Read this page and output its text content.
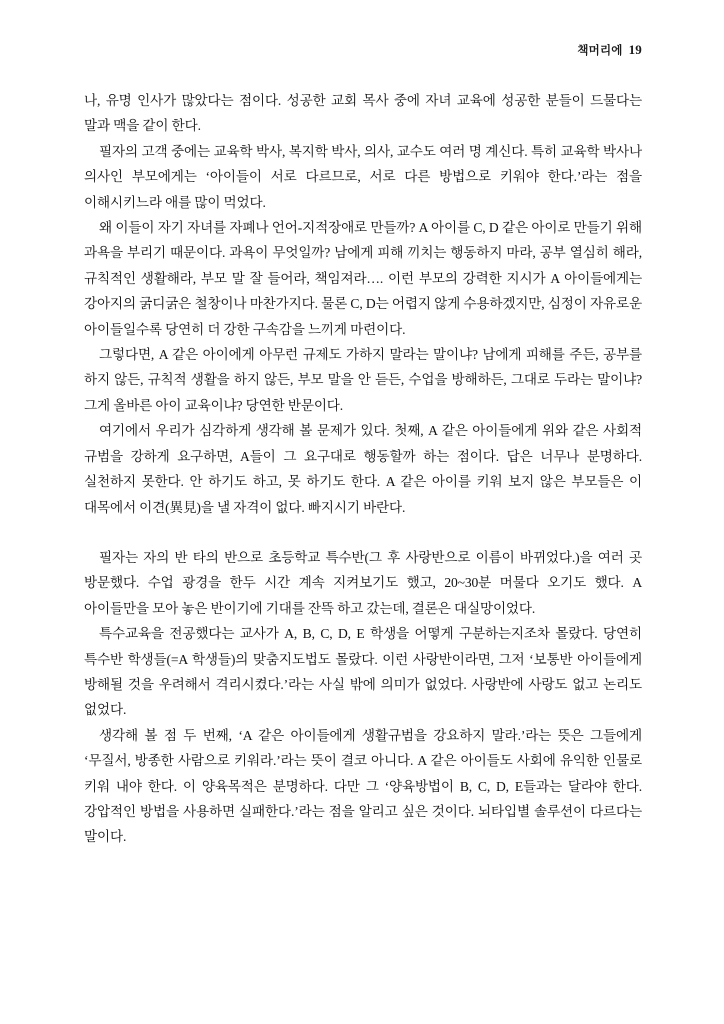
책머리에 19

나, 유명 인사가 많았다는 점이다. 성공한 교회 목사 중에 자녀 교육에 성공한 분들이 드물다는 말과 맥을 같이 한다.

필자의 고객 중에는 교육학 박사, 복지학 박사, 의사, 교수도 여러 명 계신다. 특히 교육학 박사나 의사인 부모에게는 ‘아이들이 서로 다르므로, 서로 다른 방법으로 키워야 한다.’라는 점을 이해시키느라 애를 많이 먹었다.

왜 이들이 자기 자녀를 자폐나 언어-지적장애로 만들까? A 아이를 C, D 같은 아이로 만들기 위해 과욕을 부리기 때문이다. 과욕이 무엇일까? 남에게 피해 끼치는 행동하지 마라, 공부 열심히 해라, 규칙적인 생활해라, 부모 말 잘 들어라, 책임져라…. 이런 부모의 강력한 지시가 A 아이들에게는 강아지의 굵디굵은 철창이나 마찬가지다. 물론 C, D는 어렵지 않게 수용하겠지만, 심정이 자유로운 아이들일수록 당연히 더 강한 구속감을 느끼게 마련이다.

그렇다면, A 같은 아이에게 아무런 규제도 가하지 말라는 말이냐? 남에게 피해를 주든, 공부를 하지 않든, 규칙적 생활을 하지 않든, 부모 말을 안 듣든, 수업을 방해하든, 그대로 두라는 말이냐? 그게 올바른 아이 교육이냐? 당연한 반문이다.

여기에서 우리가 심각하게 생각해 볼 문제가 있다. 첫째, A 같은 아이들에게 위와 같은 사회적 규범을 강하게 요구하면, A들이 그 요구대로 행동할까 하는 점이다. 답은 너무나 분명하다. 실천하지 못한다. 안 하기도 하고, 못 하기도 한다. A 같은 아이를 키워 보지 않은 부모들은 이 대목에서 이견(異見)을 낼 자격이 없다. 빠지시기 바란다.

필자는 자의 반 타의 반으로 초등학교 특수반(그 후 사랑반으로 이름이 바뀌었다.)을 여러 곳 방문했다. 수업 광경을 한두 시간 계속 지켜보기도 했고, 20~30분 머물다 오기도 했다. A 아이들만을 모아 놓은 반이기에 기대를 잔뜩 하고 갔는데, 결론은 대실망이었다.

특수교육을 전공했다는 교사가 A, B, C, D, E 학생을 어떻게 구분하는지조차 몰랐다. 당연히 특수반 학생들(=A 학생들)의 맞춤지도법도 몰랐다. 이런 사랑반이라면, 그저 ‘보통반 아이들에게 방해될 것을 우려해서 격리시켰다.’라는 사실 밖에 의미가 없었다. 사랑반에 사랑도 없고 논리도 없었다.

생각해 볼 점 두 번째, ‘A 같은 아이들에게 생활규범을 강요하지 말라.’라는 뜻은 그들에게 ‘무질서, 방종한 사람으로 키워라.’라는 뜻이 결코 아니다. A 같은 아이들도 사회에 유익한 인물로 키워 내야 한다. 이 양육목적은 분명하다. 다만 그 ‘양육방법이 B, C, D, E들과는 달라야 한다. 강압적인 방법을 사용하면 실패한다.’라는 점을 알리고 싶은 것이다. 뇌타입별 솔루션이 다르다는 말이다.
